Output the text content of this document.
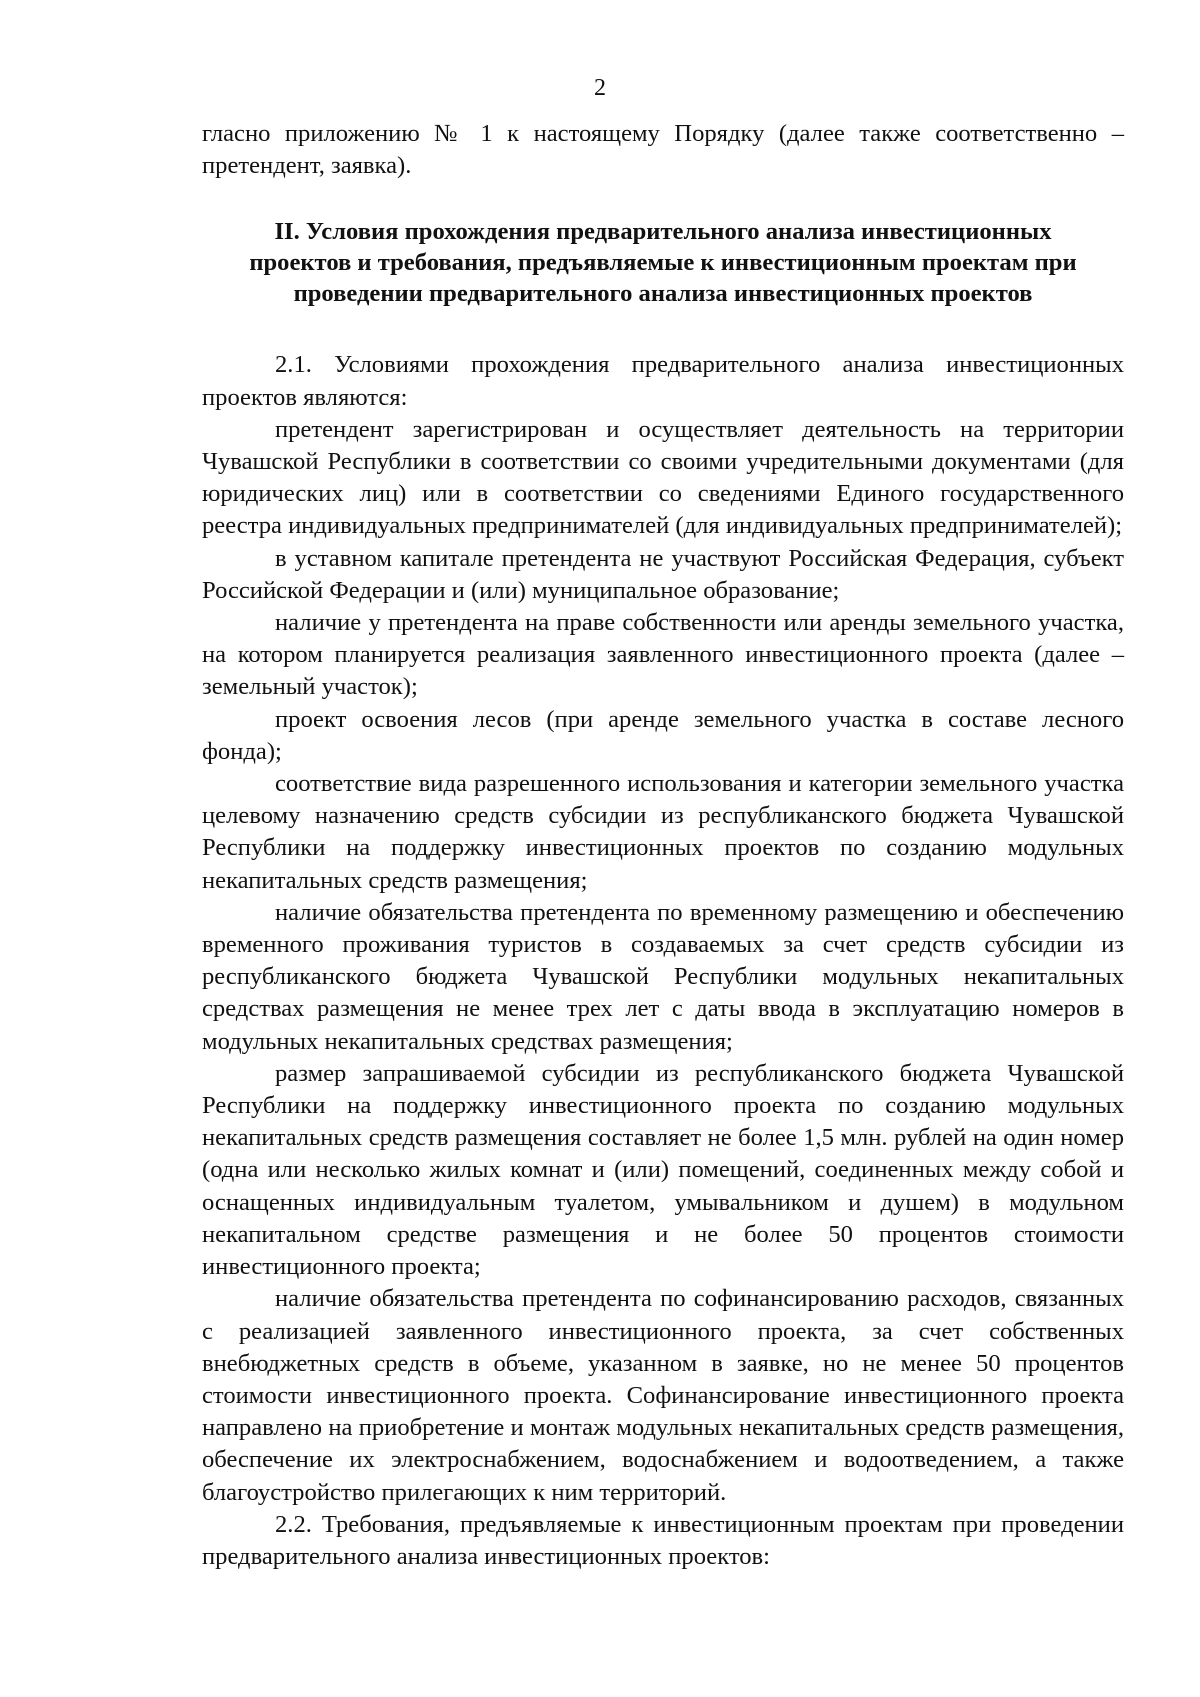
2

гласно приложению № 1 к настоящему Порядку (далее также соответственно – претендент, заявка).

II. Условия прохождения предварительного анализа инвестиционных проектов и требования, предъявляемые к инвестиционным проектам при проведении предварительного анализа инвестиционных проектов

2.1. Условиями прохождения предварительного анализа инвестиционных проектов являются:

претендент зарегистрирован и осуществляет деятельность на территории Чувашской Республики в соответствии со своими учредительными документами (для юридических лиц) или в соответствии со сведениями Единого государственного реестра индивидуальных предпринимателей (для индивидуальных предпринимателей);

в уставном капитале претендента не участвуют Российская Федерация, субъект Российской Федерации и (или) муниципальное образование;

наличие у претендента на праве собственности или аренды земельного участка, на котором планируется реализация заявленного инвестиционного проекта (далее – земельный участок);

проект освоения лесов (при аренде земельного участка в составе лесного фонда);

соответствие вида разрешенного использования и категории земельного участка целевому назначению средств субсидии из республиканского бюджета Чувашской Республики на поддержку инвестиционных проектов по созданию модульных некапитальных средств размещения;

наличие обязательства претендента по временному размещению и обеспечению временного проживания туристов в создаваемых за счет средств субсидии из республиканского бюджета Чувашской Республики модульных некапитальных средствах размещения не менее трех лет с даты ввода в эксплуатацию номеров в модульных некапитальных средствах размещения;

размер запрашиваемой субсидии из республиканского бюджета Чувашской Республики на поддержку инвестиционного проекта по созданию модульных некапитальных средств размещения составляет не более 1,5 млн. рублей на один номер (одна или несколько жилых комнат и (или) помещений, соединенных между собой и оснащенных индивидуальным туалетом, умывальником и душем) в модульном некапитальном средстве размещения и не более 50 процентов стоимости инвестиционного проекта;

наличие обязательства претендента по софинансированию расходов, связанных с реализацией заявленного инвестиционного проекта, за счет собственных внебюджетных средств в объеме, указанном в заявке, но не менее 50 процентов стоимости инвестиционного проекта. Софинансирование инвестиционного проекта направлено на приобретение и монтаж модульных некапитальных средств размещения, обеспечение их электроснабжением, водоснабжением и водоотведением, а также благоустройство прилегающих к ним территорий.

2.2. Требования, предъявляемые к инвестиционным проектам при проведении предварительного анализа инвестиционных проектов:
